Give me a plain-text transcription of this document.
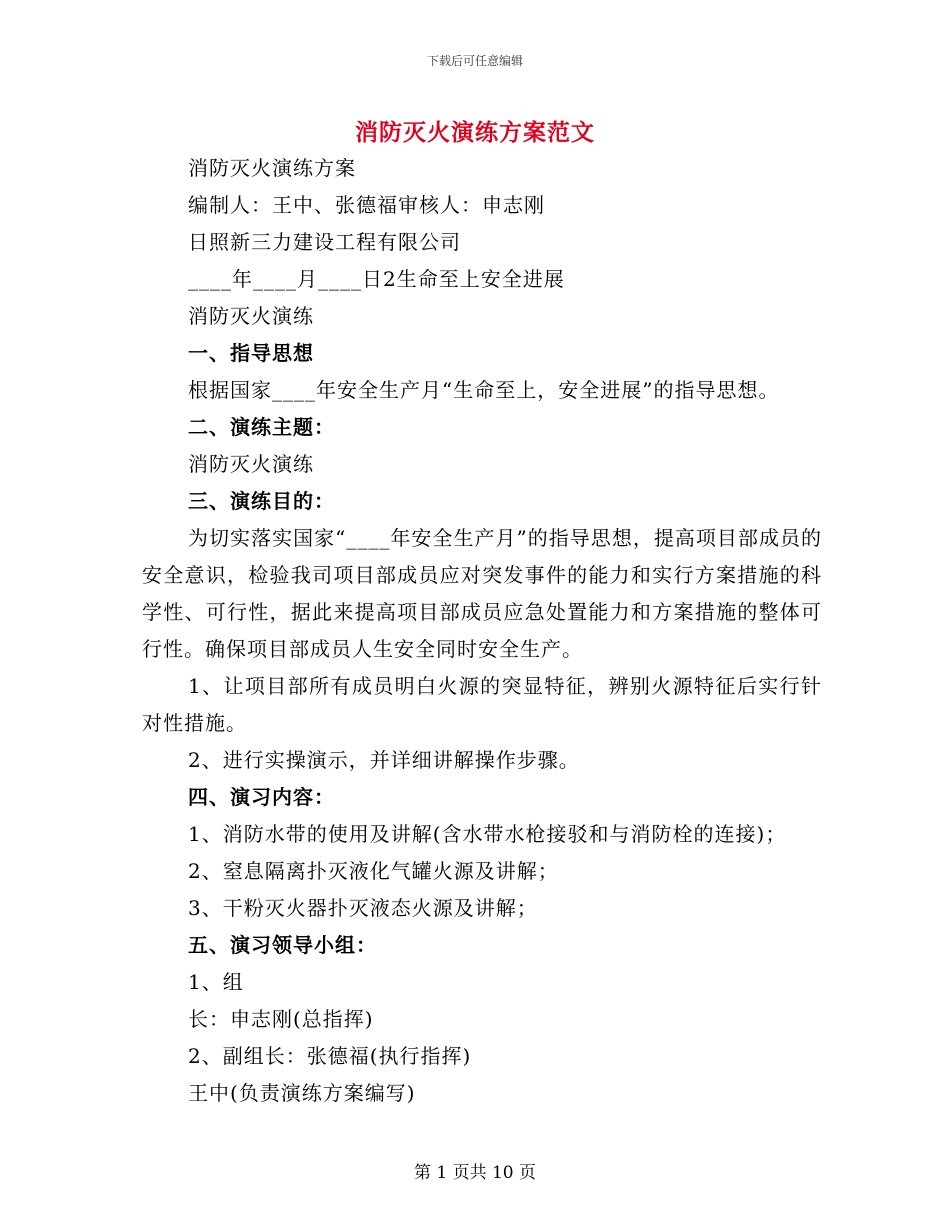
下载后可任意编辑
消防灭火演练方案范文
消防灭火演练方案
编制人：王中、张德福审核人：申志刚
日照新三力建设工程有限公司
____年____月____日2生命至上安全进展
消防灭火演练
一、指导思想
根据国家____年安全生产月“生命至上，安全进展”的指导思想。
二、演练主题：
消防灭火演练
三、演练目的：
为切实落实国家“____年安全生产月”的指导思想，提高项目部成员的安全意识，检验我司项目部成员应对突发事件的能力和实行方案措施的科学性、可行性，据此来提高项目部成员应急处置能力和方案措施的整体可行性。确保项目部成员人生安全同时安全生产。
1、让项目部所有成员明白火源的突显特征，辨别火源特征后实行针对性措施。
2、进行实操演示，并详细讲解操作步骤。
四、演习内容：
1、消防水带的使用及讲解(含水带水枪接驳和与消防栓的连接)；
2、窒息隔离扑灭液化气罐火源及讲解；
3、干粉灭火器扑灭液态火源及讲解；
五、演习领导小组：
1、组
长：申志刚(总指挥)
2、副组长：张德福(执行指挥)
王中(负责演练方案编写)
第 1 页共 10 页
